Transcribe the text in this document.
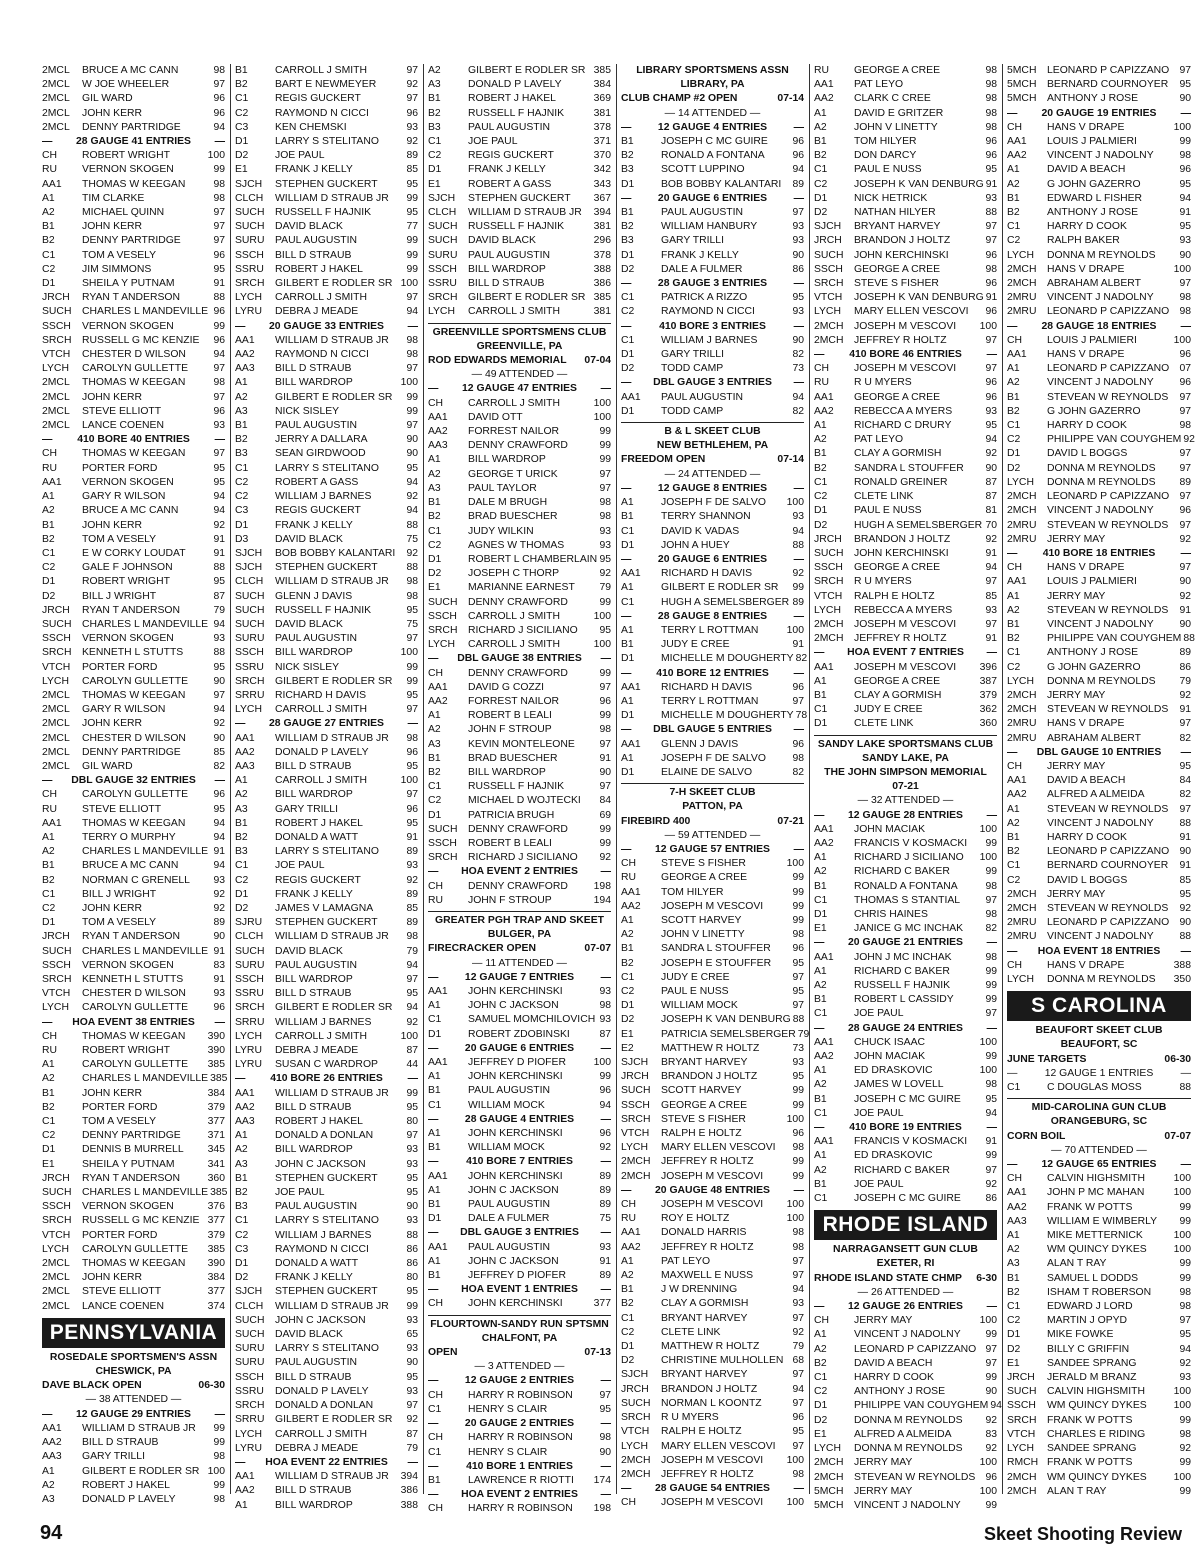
2MCL	BRUCE A MC CANN	98
2MCL	W JOE WHEELER	97
2MCL	GIL WARD	96
2MCL	JOHN KERR	96
2MCL	DENNY PARTRIDGE	94
—	28 GAUGE 41 ENTRIES	—
CH	ROBERT WRIGHT	100
RU	VERNON SKOGEN	99
AA1	THOMAS W KEEGAN	98
A1	TIM CLARKE	98
A2	MICHAEL QUINN	97
B1	JOHN KERR	97
B2	DENNY PARTRIDGE	97
C1	TOM A VESELY	96
C2	JIM SIMMONS	95
D1	SHEILA Y PUTNAM	91
JRCH	RYAN T ANDERSON	88
SUCH	CHARLES L MANDEVILLE 96
SSCH	VERNON SKOGEN	99
SRCH	RUSSELL G MC KENZIE	96
VTCH	CHESTER D WILSON	94
LYCH	CAROLYN GULLETTE	97
2MCL	THOMAS W KEEGAN	98
2MCL	JOHN KERR	97
2MCL	STEVE ELLIOTT	96
2MCL	LANCE COENEN	93
—	410 BORE 40 ENTRIES	—
CH	THOMAS W KEEGAN	97
RU	PORTER FORD	95
AA1	VERNON SKOGEN	95
A1	GARY R WILSON	94
A2	BRUCE A MC CANN	94
B1	JOHN KERR	92
B2	TOM A VESELY	91
C1	E W CORKY LOUDAT	91
C2	GALE F JOHNSON	88
D1	ROBERT WRIGHT	95
D2	BILL J WRIGHT	87
JRCH	RYAN T ANDERSON	79
SUCH	CHARLES L MANDEVILLE 94
SSCH	VERNON SKOGEN	93
SRCH	KENNETH L STUTTS	88
VTCH	PORTER FORD	95
LYCH	CAROLYN GULLETTE	90
2MCL	THOMAS W KEEGAN	97
2MCL	GARY R WILSON	94
2MCL	JOHN KERR	92
2MCL	CHESTER D WILSON	90
2MCL	DENNY PARTRIDGE	85
2MCL	GIL WARD	82
—	DBL GAUGE 32 ENTRIES	—
CH	CAROLYN GULLETTE	96
RU	STEVE ELLIOTT	95
AA1	THOMAS W KEEGAN	94
A1	TERRY O MURPHY	94
A2	CHARLES L MANDEVILLE 91
B1	BRUCE A MC CANN	94
B2	NORMAN C GRENELL	93
C1	BILL J WRIGHT	92
C2	JOHN KERR	92
D1	TOM A VESELY	89
JRCH	RYAN T ANDERSON	90
SUCH	CHARLES L MANDEVILLE 91
SSCH	VERNON SKOGEN	83
SRCH	KENNETH L STUTTS	91
VTCH	CHESTER D WILSON	93
LYCH	CAROLYN GULLETTE	96
—	HOA EVENT 38 ENTRIES	—
CH	THOMAS W KEEGAN	390
RU	ROBERT WRIGHT	390
A1	CAROLYN GULLETTE	385
A2	CHARLES L MANDEVILLE 385
B1	JOHN KERR	384
B2	PORTER FORD	379
C1	TOM A VESELY	377
C2	DENNY PARTRIDGE	371
D1	DENNIS B MURRELL	345
E1	SHEILA Y PUTNAM	341
JRCH	RYAN T ANDERSON	360
SUCH	CHARLES L MANDEVILLE 385
SSCH	VERNON SKOGEN	376
SRCH	RUSSELL G MC KENZIE 377
VTCH	PORTER FORD	379
LYCH	CAROLYN GULLETTE	385
2MCL	THOMAS W KEEGAN	390
2MCL	JOHN KERR	384
2MCL	STEVE ELLIOTT	377
2MCL	LANCE COENEN	374
PENNSYLVANIA
ROSEDALE SPORTSMEN'S ASSN
CHESWICK, PA
DAVE BLACK OPEN	06-30
— 38 ATTENDED —
—	12 GAUGE 29 ENTRIES	—
AA1	WILLIAM D STRAUB JR	99
AA2	BILL D STRAUB	99
AA3	GARY TRILLI	98
A1	GILBERT E RODLER SR 100
A2	ROBERT J HAKEL	99
A3	DONALD P LAVELY	98
B1	CARROLL J SMITH	97
B2	BART E NEWMEYER	92
C1	REGIS GUCKERT	97
C2	RAYMOND N CICCI	96
C3	KEN CHEMSKI	93
D1	LARRY S STELITANO	92
D2	JOE PAUL	89
E1	FRANK J KELLY	85
SJCH	STEPHEN GUCKERT	95
CLCH	WILLIAM D STRAUB JR	99
SUCH	RUSSELL F HAJNIK	95
SUCH	DAVID BLACK	77
SURU	PAUL AUGUSTIN	99
SSCH	BILL D STRAUB	99
SSRU	ROBERT J HAKEL	99
SRCH	GILBERT E RODLER SR 100
LYCH	CARROLL J SMITH	97
LYRU	DEBRA J MEADE	94
—	20 GAUGE 33 ENTRIES	—
AA1	WILLIAM D STRAUB JR	98
AA2	RAYMOND N CICCI	98
AA3	BILL D STRAUB	97
A1	BILL WARDROP	100
A2	GILBERT E RODLER SR	99
A3	NICK SISLEY	99
B1	PAUL AUGUSTIN	97
B2	JERRY A DALLARA	90
B3	SEAN GIRDWOOD	90
C1	LARRY S STELITANO	95
C2	ROBERT A GASS	94
C2	WILLIAM J BARNES	92
C3	REGIS GUCKERT	94
D1	FRANK J KELLY	88
D3	DAVID BLACK	75
SJCH	BOB BOBBY KALANTARI	92
SJCH	STEPHEN GUCKERT	88
CLCH	WILLIAM D STRAUB JR	98
SUCH	GLENN J DAVIS	98
SUCH	RUSSELL F HAJNIK	95
SUCH	DAVID BLACK	75
SURU	PAUL AUGUSTIN	97
SSCH	BILL WARDROP	100
SSRU	NICK SISLEY	99
SRCH	GILBERT E RODLER SR	99
SRRU	RICHARD H DAVIS	95
LYCH	CARROLL J SMITH	97
—	28 GAUGE 27 ENTRIES	—
AA1	WILLIAM D STRAUB JR	98
AA2	DONALD P LAVELY	96
AA3	BILL D STRAUB	95
A1	CARROLL J SMITH	100
A2	BILL WARDROP	97
A3	GARY TRILLI	96
B1	ROBERT J HAKEL	95
B2	DONALD A WATT	91
B3	LARRY S STELITANO	89
C1	JOE PAUL	93
C2	REGIS GUCKERT	92
D1	FRANK J KELLY	89
D2	JAMES V LAMAGNA	85
SJRU	STEPHEN GUCKERT	89
CLCH	WILLIAM D STRAUB JR	98
SUCH	DAVID BLACK	79
SURU	PAUL AUGUSTIN	94
SSCH	BILL WARDROP	97
SSRU	BILL D STRAUB	95
SRCH	GILBERT E RODLER SR	94
SRRU	WILLIAM J BARNES	92
LYCH	CARROLL J SMITH	100
LYRU	DEBRA J MEADE	87
LYRU	SUSAN C WARDROP	44
—	410 BORE 26 ENTRIES	—
AA1	WILLIAM D STRAUB JR	99
AA2	BILL D STRAUB	95
AA3	ROBERT J HAKEL	80
A1	DONALD A DONLAN	97
A2	BILL WARDROP	93
A3	JOHN C JACKSON	93
B1	STEPHEN GUCKERT	95
B2	JOE PAUL	95
B3	PAUL AUGUSTIN	90
C1	LARRY S STELITANO	93
C2	WILLIAM J BARNES	88
C3	RAYMOND N CICCI	86
D1	DONALD A WATT	86
D2	FRANK J KELLY	80
SJCH	STEPHEN GUCKERT	95
CLCH	WILLIAM D STRAUB JR	99
SUCH	JOHN C JACKSON	93
SUCH	DAVID BLACK	65
SURU	LARRY S STELITANO	93
SURU	PAUL AUGUSTIN	90
SSCH	BILL D STRAUB	95
SSRU	DONALD P LAVELY	93
SRCH	DONALD A DONLAN	97
SRRU	GILBERT E RODLER SR	92
LYCH	CARROLL J SMITH	87
LYRU	DEBRA J MEADE	79
—	HOA EVENT 22 ENTRIES	—
AA1	WILLIAM D STRAUB JR	394
AA2	BILL D STRAUB	386
A1	BILL WARDROP	388
A2	GILBERT E RODLER SR 385
A3	DONALD P LAVELY	384
B1	ROBERT J HAKEL	369
B2	RUSSELL F HAJNIK	381
B3	PAUL AUGUSTIN	378
C1	JOE PAUL	371
C2	REGIS GUCKERT	370
D1	FRANK J KELLY	342
E1	ROBERT A GASS	343
SJCH	STEPHEN GUCKERT	367
CLCH	WILLIAM D STRAUB JR	394
SUCH	RUSSELL F HAJNIK	381
SUCH	DAVID BLACK	296
SURU	PAUL AUGUSTIN	378
SSCH	BILL WARDROP	388
SSRU	BILL D STRAUB	386
SRCH	GILBERT E RODLER SR 385
LYCH	CARROLL J SMITH	381
GREENVILLE SPORTSMENS CLUB
GREENVILLE, PA
ROD EDWARDS MEMORIAL 07-04
— 49 ATTENDED —
—	12 GAUGE 47 ENTRIES	—
CH	CARROLL J SMITH	100
AA1	DAVID OTT	100
AA2	FORREST NAILOR	99
AA3	DENNY CRAWFORD	99
A1	BILL WARDROP	99
A2	GEORGE T URICK	97
A3	PAUL TAYLOR	97
B1	DALE M BRUGH	98
B2	BRAD BUESCHER	98
C1	JUDY WILKIN	93
C2	AGNES W THOMAS	93
D1	ROBERT L CHAMBERLAIN 95
D2	JOSEPH C THORP	92
E1	MARIANNE EARNEST	79
SUCH	DENNY CRAWFORD	99
SSCH	CARROLL J SMITH	100
SRCH	RICHARD J SICILIANO	95
LYCH	CARROLL J SMITH	100
—	DBL GAUGE 38 ENTRIES	—
CH	DENNY CRAWFORD	99
AA1	DAVID G COZZI	97
AA2	FORREST NAILOR	96
A1	ROBERT B LEALI	99
A2	JOHN F STROUP	98
A3	KEVIN MONTELEONE	97
B1	BRAD BUESCHER	91
B2	BILL WARDROP	90
C1	RUSSELL F HAJNIK	97
C2	MICHAEL D WOJTECKI	84
D1	PATRICIA BRUGH	69
SUCH	DENNY CRAWFORD	99
SSCH	ROBERT B LEALI	99
SRCH	RICHARD J SICILIANO	92
—	HOA EVENT 2 ENTRIES	—
CH	DENNY CRAWFORD	198
RU	JOHN F STROUP	194
GREATER PGH TRAP AND SKEET
BULGER, PA
FIRECRACKER OPEN	07-07
— 11 ATTENDED —
—	12 GAUGE 7 ENTRIES	—
AA1	JOHN KERCHINSKI	93
A1	JOHN C JACKSON	98
C1	SAMUEL MOMCHILOVICH 93
D1	ROBERT ZDOBINSKI	87
—	20 GAUGE 6 ENTRIES	—
AA1	JEFFREY D PIOFER	100
A1	JOHN KERCHINSKI	99
B1	PAUL AUGUSTIN	96
C1	WILLIAM MOCK	94
—	28 GAUGE 4 ENTRIES	—
A1	JOHN KERCHINSKI	96
B1	WILLIAM MOCK	92
—	410 BORE 7 ENTRIES	—
AA1	JOHN KERCHINSKI	89
A1	JOHN C JACKSON	89
B1	PAUL AUGUSTIN	89
D1	DALE A FULMER	75
—	DBL GAUGE 3 ENTRIES	—
AA1	PAUL AUGUSTIN	93
A1	JOHN C JACKSON	91
B1	JEFFREY D PIOFER	89
—	HOA EVENT 1 ENTRIES	—
CH	JOHN KERCHINSKI	377
FLOURTOWN-SANDY RUN SPTSMN
CHALFONT, PA
OPEN	07-13
— 3 ATTENDED —
—	12 GAUGE 2 ENTRIES	—
CH	HARRY R ROBINSON	97
C1	HENRY S CLAIR	95
—	20 GAUGE 2 ENTRIES	—
CH	HARRY R ROBINSON	98
C1	HENRY S CLAIR	90
—	410 BORE 1 ENTRIES	—
B1	LAWRENCE R RIOTTI	174
—	HOA EVENT 2 ENTRIES	—
CH	HARRY R ROBINSON	198
LIBRARY SPORTSMENS ASSN
LIBRARY, PA
CLUB CHAMP #2 OPEN	07-14
— 14 ATTENDED —
—	12 GAUGE 4 ENTRIES	—
B1	JOSEPH C MC GUIRE	96
B2	RONALD A FONTANA	96
B3	SCOTT LUPPINO	94
D1	BOB BOBBY KALANTARI	89
—	20 GAUGE 6 ENTRIES	—
B1	PAUL AUGUSTIN	97
B2	WILLIAM HANBURY	93
B3	GARY TRILLI	93
D1	FRANK J KELLY	90
D2	DALE A FULMER	86
—	28 GAUGE 3 ENTRIES	—
C1	PATRICK A RIZZO	95
C2	RAYMOND N CICCI	93
—	410 BORE 3 ENTRIES	—
C1	WILLIAM J BARNES	90
D1	GARY TRILLI	82
D2	TODD CAMP	73
—	DBL GAUGE 3 ENTRIES	—
AA1	PAUL AUGUSTIN	94
D1	TODD CAMP	82
B & L SKEET CLUB
NEW BETHLEHEM, PA
FREEDOM OPEN	07-14
— 24 ATTENDED —
—	12 GAUGE 8 ENTRIES	—
A1	JOSEPH F DE SALVO	100
B1	TERRY SHANNON	93
C1	DAVID K VADAS	94
D1	JOHN A HUEY	88
—	20 GAUGE 6 ENTRIES	—
AA1	RICHARD H DAVIS	92
A1	GILBERT E RODLER SR	99
C1	HUGH A SEMELSBERGER 89
—	28 GAUGE 8 ENTRIES	—
A1	TERRY L ROTTMAN	100
B1	JUDY E CREE	91
D1	MICHELLE M DOUGHERTY 82
—	410 BORE 12 ENTRIES	—
AA1	RICHARD H DAVIS	96
A1	TERRY L ROTTMAN	97
D1	MICHELLE M DOUGHERTY 78
—	DBL GAUGE 5 ENTRIES	—
AA1	GLENN J DAVIS	96
A1	JOSEPH F DE SALVO	98
D1	ELAINE DE SALVO	82
7-H SKEET CLUB
PATTON, PA
FIREBIRD 400	07-21
— 59 ATTENDED —
—	12 GAUGE 57 ENTRIES	—
CH	STEVE S FISHER	100
RU	GEORGE A CREE	99
AA1	TOM HILYER	99
AA2	JOSEPH M VESCOVI	99
A1	SCOTT HARVEY	99
A2	JOHN V LINETTY	98
B1	SANDRA L STOUFFER	96
B2	JOSEPH E STOUFFER	95
C1	JUDY E CREE	97
C2	PAUL E NUSS	95
D1	WILLIAM MOCK	97
D2	JOSEPH K VAN DENBURG 88
E1	PATRICIA SEMELSBERGER 79
E2	MATTHEW R HOLTZ	73
SJCH	BRYANT HARVEY	93
JRCH	BRANDON J HOLTZ	95
SUCH	SCOTT HARVEY	99
SSCH	GEORGE A CREE	99
SRCH	STEVE S FISHER	100
VTCH	RALPH E HOLTZ	96
LYCH	MARY ELLEN VESCOVI	98
2MCH	JEFFREY R HOLTZ	99
2MCH	JOSEPH M VESCOVI	99
—	20 GAUGE 48 ENTRIES	—
CH	JOSEPH M VESCOVI	100
RU	ROY E HOLTZ	100
AA1	DONALD HARRIS	98
AA2	JEFFREY R HOLTZ	98
A1	PAT LEYO	97
A2	MAXWELL E NUSS	97
B1	J W DRENNING	94
B2	CLAY A GORMISH	93
C1	BRYANT HARVEY	97
C2	CLETE LINK	92
D1	MATTHEW R HOLTZ	79
D2	CHRISTINE MULHOLLEN 68
SJCH	BRYANT HARVEY	97
JRCH	BRANDON J HOLTZ	94
SUCH	NORMAN L KOONTZ	97
SRCH	R U MYERS	96
VTCH	RALPH E HOLTZ	95
LYCH	MARY ELLEN VESCOVI	97
2MCH	JOSEPH M VESCOVI	100
2MCH	JEFFREY R HOLTZ	98
—	28 GAUGE 54 ENTRIES	—
CH	JOSEPH M VESCOVI	100
RU	GEORGE A CREE	98
AA1	PAT LEYO	98
AA2	CLARK C CREE	98
A1	DAVID E GRITZER	98
A2	JOHN V LINETTY	98
B1	TOM HILYER	96
B2	DON DARCY	96
C1	PAUL E NUSS	95
C2	JOSEPH K VAN DENBURG 91
D1	NICK HETRICK	93
D2	NATHAN HILYER	88
SJCH	BRYANT HARVEY	97
JRCH	BRANDON J HOLTZ	97
SUCH	JOHN KERCHINSKI	96
SSCH	GEORGE A CREE	98
SRCH	STEVE S FISHER	96
VTCH	JOSEPH K VAN DENBURG 91
LYCH	MARY ELLEN VESCOVI	96
2MCH	JOSEPH M VESCOVI	100
2MCH	JEFFREY R HOLTZ	97
—	410 BORE 46 ENTRIES	—
CH	JOSEPH M VESCOVI	97
RU	R U MYERS	96
AA1	GEORGE A CREE	96
AA2	REBECCA A MYERS	93
A1	RICHARD C DRURY	95
A2	PAT LEYO	94
B1	CLAY A GORMISH	92
B2	SANDRA L STOUFFER	90
C1	RONALD GREINER	87
C2	CLETE LINK	87
D1	PAUL E NUSS	81
D2	HUGH A SEMELSBERGER 70
JRCH	BRANDON J HOLTZ	92
SUCH	JOHN KERCHINSKI	91
SSCH	GEORGE A CREE	94
SRCH	R U MYERS	97
VTCH	RALPH E HOLTZ	85
LYCH	REBECCA A MYERS	93
2MCH	JOSEPH M VESCOVI	97
2MCH	JEFFREY R HOLTZ	91
—	HOA EVENT 7 ENTRIES	—
AA1	JOSEPH M VESCOVI	396
A1	GEORGE A CREE	387
B1	CLAY A GORMISH	379
C1	JUDY E CREE	362
D1	CLETE LINK	360
SANDY LAKE SPORTSMANS CLUB
SANDY LAKE, PA
THE JOHN SIMPSON MEMORIAL
07-21
— 32 ATTENDED —
—	12 GAUGE 28 ENTRIES	—
AA1	JOHN MACIAK	100
AA2	FRANCIS V KOSMACKI	99
A1	RICHARD J SICILIANO	100
A2	RICHARD C BAKER	99
B1	RONALD A FONTANA	98
C1	THOMAS S STANTIAL	97
D1	CHRIS HAINES	98
E1	JANICE G MC INCHAK	82
—	20 GAUGE 21 ENTRIES	—
AA1	JOHN J MC INCHAK	98
A1	RICHARD C BAKER	99
A2	RUSSELL F HAJNIK	99
B1	ROBERT L CASSIDY	99
C1	JOE PAUL	97
—	28 GAUGE 24 ENTRIES	—
AA1	CHUCK ISAAC	100
AA2	JOHN MACIAK	99
A1	ED DRASKOVIC	100
A2	JAMES W LOVELL	98
B1	JOSEPH C MC GUIRE	95
C1	JOE PAUL	94
—	410 BORE 19 ENTRIES	—
AA1	FRANCIS V KOSMACKI	91
A1	ED DRASKOVIC	99
A2	RICHARD C BAKER	97
B1	JOE PAUL	92
C1	JOSEPH C MC GUIRE	86
RHODE ISLAND
NARRAGANSETT GUN CLUB
EXETER, RI
RHODE ISLAND STATE CHMP 6-30
— 26 ATTENDED —
—	12 GAUGE 26 ENTRIES	—
CH	JERRY MAY	100
A1	VINCENT J NADOLNY	99
A2	LEONARD P CAPIZZANO 97
B2	DAVID A BEACH	97
C1	HARRY D COOK	99
C2	ANTHONY J ROSE	90
D1	PHILIPPE VAN COUYGHEM 94
D2	DONNA M REYNOLDS	92
E1	ALFRED A ALMEIDA	83
LYCH	DONNA M REYNOLDS	92
2MCH	JERRY MAY	100
2MCH	STEVEAN W REYNOLDS 96
5MCH	JERRY MAY	100
5MCH	VINCENT J NADOLNY	99
5MCH	LEONARD P CAPIZZANO 97
5MCH	BERNARD COURNOYER	95
5MCH	ANTHONY J ROSE	90
—	20 GAUGE 19 ENTRIES	—
CH	HANS V DRAPE	100
AA1	LOUIS J PALMIERI	99
AA2	VINCENT J NADOLNY	98
A1	DAVID A BEACH	96
A2	G JOHN GAZERRO	95
B1	EDWARD L FISHER	94
B2	ANTHONY J ROSE	91
C1	HARRY D COOK	95
C2	RALPH BAKER	93
LYCH	DONNA M REYNOLDS	90
2MCH	HANS V DRAPE	100
2MCH	ABRAHAM ALBERT	97
2MRU	VINCENT J NADOLNY	98
2MRU	LEONARD P CAPIZZANO 98
—	28 GAUGE 18 ENTRIES	—
CH	LOUIS J PALMIERI	100
AA1	HANS V DRAPE	96
A1	LEONARD P CAPIZZANO 07
A2	VINCENT J NADOLNY	96
B1	STEVEAN W REYNOLDS	97
B2	G JOHN GAZERRO	97
C1	HARRY D COOK	98
C2	PHILIPPE VAN COUYGHEM 92
D1	DAVID L BOGGS	97
D2	DONNA M REYNOLDS	97
LYCH	DONNA M REYNOLDS	89
2MCH	LEONARD P CAPIZZANO 97
2MCH	VINCENT J NADOLNY	96
2MRU	STEVEAN W REYNOLDS	97
2MRU	JERRY MAY	92
—	410 BORE 18 ENTRIES	—
CH	HANS V DRAPE	97
AA1	LOUIS J PALMIERI	90
A1	JERRY MAY	92
A2	STEVEAN W REYNOLDS	91
B1	VINCENT J NADOLNY	90
B2	PHILIPPE VAN COUYGHEM 88
C1	ANTHONY J ROSE	89
C2	G JOHN GAZERRO	86
LYCH	DONNA M REYNOLDS	79
2MCH	JERRY MAY	92
2MCH	STEVEAN W REYNOLDS	91
2MRU	HANS V DRAPE	97
2MRU	ABRAHAM ALBERT	82
—	DBL GAUGE 10 ENTRIES	—
CH	JERRY MAY	95
AA1	DAVID A BEACH	84
AA2	ALFRED A ALMEIDA	82
A1	STEVEAN W REYNOLDS	97
A2	VINCENT J NADOLNY	88
B1	HARRY D COOK	91
B2	LEONARD P CAPIZZANO 90
C1	BERNARD COURNOYER	91
C2	DAVID L BOGGS	85
2MCH	JERRY MAY	95
2MCH	STEVEAN W REYNOLDS	92
2MRU	LEONARD P CAPIZZANO 90
2MRU	VINCENT J NADOLNY	88
—	HOA EVENT 18 ENTRIES	—
CH	HANS V DRAPE	388
LYCH	DONNA M REYNOLDS	350
S CAROLINA
BEAUFORT SKEET CLUB
BEAUFORT, SC
JUNE TARGETS	06-30
—	12 GAUGE 1 ENTRIES	—
C1	C DOUGLAS MOSS	88
MID-CAROLINA GUN CLUB
ORANGEBURG, SC
CORN BOIL	07-07
— 70 ATTENDED —
—	12 GAUGE 65 ENTRIES	—
CH	CALVIN HIGHSMITH	100
AA1	JOHN P MC MAHAN	100
AA2	FRANK W POTTS	99
AA3	WILLIAM E WIMBERLY	99
A1	MIKE METTERNICK	100
A2	WM QUINCY DYKES	100
A3	ALAN T RAY	99
B1	SAMUEL L DODDS	99
B2	ISHAM T ROBERSON	98
C1	EDWARD J LORD	98
C2	MARTIN J OPYD	97
D1	MIKE FOWKE	95
D2	BILLY C GRIFFIN	94
E1	SANDEE SPRANG	92
JRCH	JERALD M BRANZ	93
SUCH	CALVIN HIGHSMITH	100
SSCH	WM QUINCY DYKES	100
SRCH	FRANK W POTTS	99
VTCH	CHARLES E RIDING	98
LYCH	SANDEE SPRANG	92
RMCH FRANK W POTTS	99
2MCH	WM QUINCY DYKES	100
2MCH	ALAN T RAY	99
94	Skeet Shooting Review
